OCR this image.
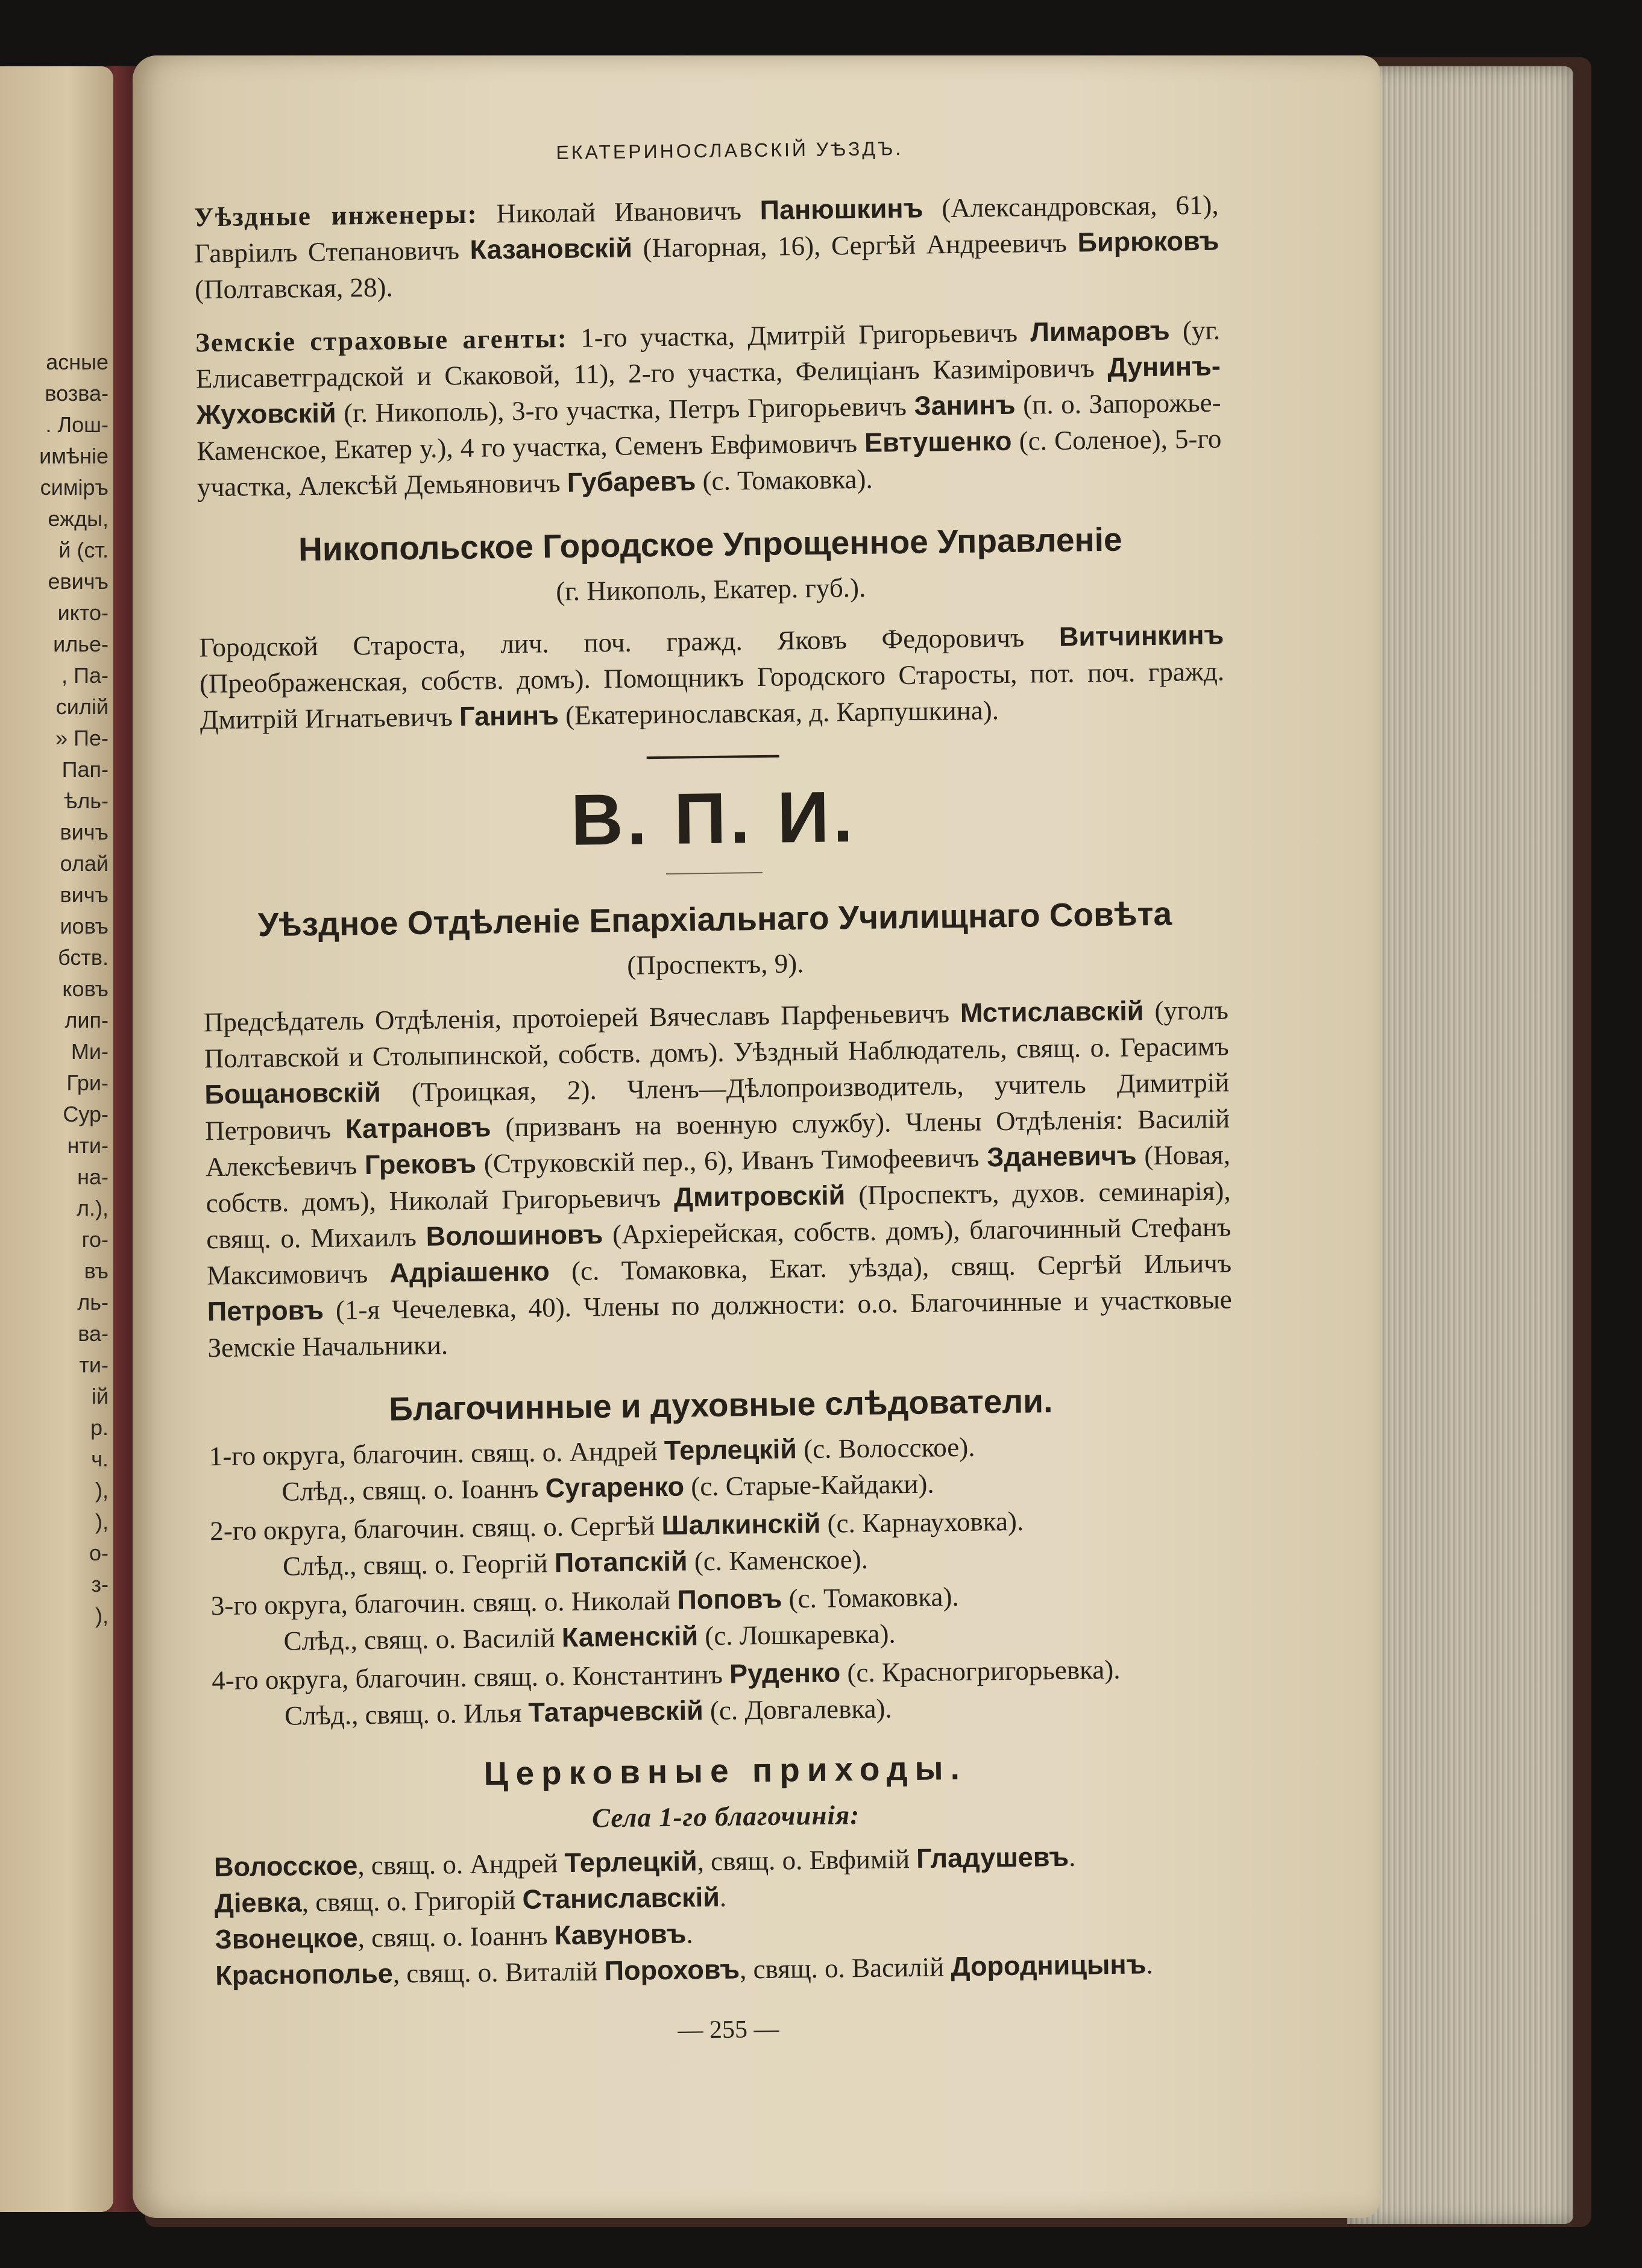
асные
возва-
. Лош-
имѣніе
симіръ
ежды,
й (ст.
евичъ
икто-
ильe-
, Па-
силій
» Пе-
Пап-
ѣль-
вичъ
олай
вичъ
иовъ
бств.
ковъ
лип-
Ми-
Гри-
Сур-
нти-
на-
л.),
го-
въ
ль-
ва-
ти-
ій
р.
ч.
),
),
о-
з-
),
ЕКАТЕРИНОСЛАВСКІЙ УѢЗДЪ.

Уѣздные инженеры: Николай Ивановичъ Панюшкинъ (Александровская, 61), Гавріилъ Степановичъ Казановскій (Нагорная, 16), Сергѣй Андреевичъ Бирюковъ (Полтавская, 28).

Земскіе страховые агенты: 1-го участка, Дмитрій Григорьевичъ Лимаровъ (уг. Елисаветградской и Скаковой, 11), 2-го участка, Фелиціанъ Казиміровичъ Дунинъ-Жуховскій (г. Никополь), 3-го участка, Петръ Григорьевичъ Занинъ (п. о. Запорожье-Каменское, Екатер у.), 4 го участка, Семенъ Евфимовичъ Евтушенко (с. Соленое), 5-го участка, Алексѣй Демьяновичъ Губаревъ (с. Томаковка).

Никопольское Городское Упрощенное Управленіе
(г. Никополь, Екатер. губ.).

Городской Староста, лич. поч. гражд. Яковъ Федоровичъ Витчинкинъ (Преображенская, собств. домъ). Помощникъ Городского Старосты, пот. поч. гражд. Дмитрій Игнатьевичъ Ганинъ (Екатеринославская, д. Карпушкина).

В. П. И.
Уѣздное Отдѣленіе Епархіальнаго Училищнаго Совѣта
(Проспектъ, 9).

Предсѣдатель Отдѣленія, протоіерей Вячеславъ Парфеньевичъ Мстиславскій (уголъ Полтавской и Столыпинской, собств. домъ). Уѣздный Наблюдатель, свящ. о. Герасимъ Бощановскій (Троицкая, 2). Членъ—Дѣлопроизводитель, учитель Димитрій Петровичъ Катрановъ (призванъ на военную службу). Члены Отдѣленія: Василій Алексѣевичъ Грековъ (Струковскій пер., 6), Иванъ Тимофеевичъ Зданевичъ (Новая, собств. домъ), Николай Григорьевичъ Дмитровскій (Проспектъ, духов. семинарія), свящ. о. Михаилъ Волошиновъ (Архіерейская, собств. домъ), благочинный Стефанъ Максимовичъ Адріашенко (с. Томаковка, Екат. уѣзда), свящ. Сергѣй Ильичъ Петровъ (1-я Чечелевка, 40). Члены по должности: о.о. Благочинные и участковые Земскіе Начальники.

Благочинные и духовные слѣдователи.
1-го округа, благочин. свящ. о. Андрей Терлецкій (с. Волосское).
Слѣд., свящ. о. Іоаннъ Сугаренко (с. Старые-Кайдаки).
2-го округа, благочин. свящ. о. Сергѣй Шалкинскій (с. Карнауховка).
Слѣд., свящ. о. Георгій Потапскій (с. Каменское).
3-го округа, благочин. свящ. о. Николай Поповъ (с. Томаковка).
Слѣд., свящ. о. Василій Каменскій (с. Лошкаревка).
4-го округа, благочин. свящ. о. Константинъ Руденко (с. Красногригорьевка).
Слѣд., свящ. о. Илья Татарчевскій (с. Довгалевка).
Церковные приходы.
Села 1-го благочинія:

Волосское, свящ. о. Андрей Терлецкій, свящ. о. Евфимій Гладушевъ.

Діевка, свящ. о. Григорій Станиславскій.

Звонецкое, свящ. о. Іоаннъ Кавуновъ.

Краснополье, свящ. о. Виталій Пороховъ, свящ. о. Василій Дородницынъ.

— 255 —
